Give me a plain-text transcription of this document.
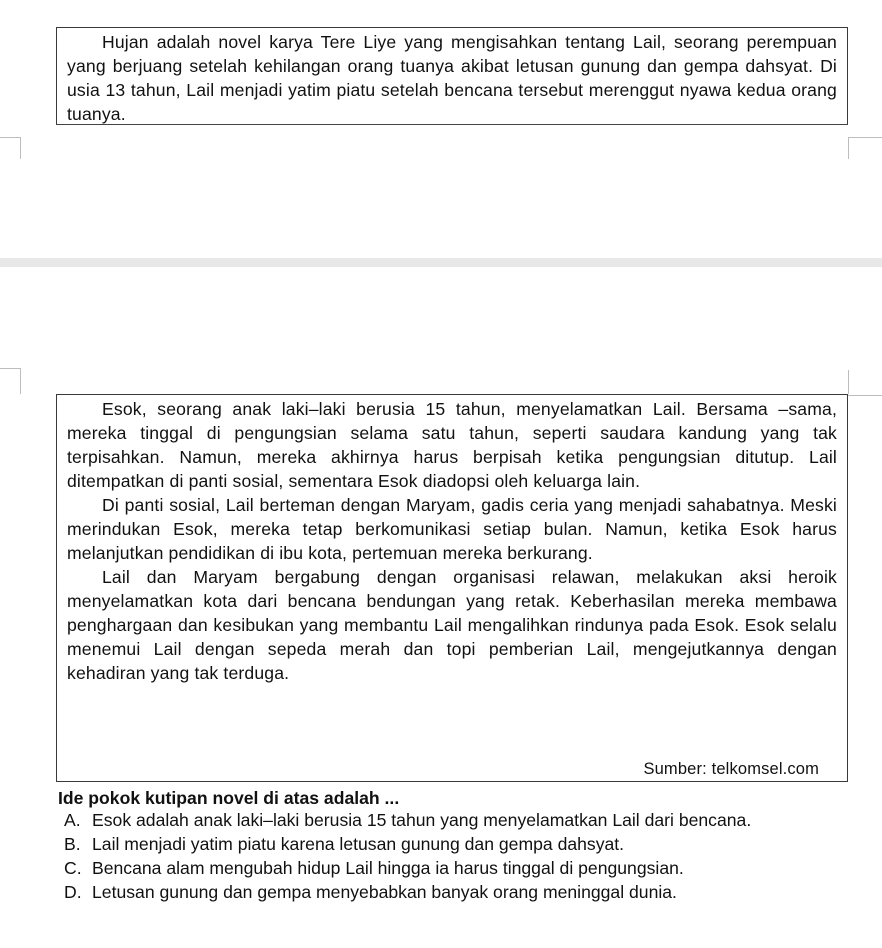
Hujan adalah novel karya Tere Liye yang mengisahkan tentang Lail, seorang perempuan yang berjuang setelah kehilangan orang tuanya akibat letusan gunung dan gempa dahsyat. Di usia 13 tahun, Lail menjadi yatim piatu setelah bencana tersebut merenggut nyawa kedua orang tuanya.

Esok, seorang anak laki–laki berusia 15 tahun, menyelamatkan Lail. Bersama –sama, mereka tinggal di pengungsian selama satu tahun, seperti saudara kandung yang tak terpisahkan. Namun, mereka akhirnya harus berpisah ketika pengungsian ditutup. Lail ditempatkan di panti sosial, sementara Esok diadopsi oleh keluarga lain.

Di panti sosial, Lail berteman dengan Maryam, gadis ceria yang menjadi sahabatnya. Meski merindukan Esok, mereka tetap berkomunikasi setiap bulan. Namun, ketika Esok harus melanjutkan pendidikan di ibu kota, pertemuan mereka berkurang.

Lail dan Maryam bergabung dengan organisasi relawan, melakukan aksi heroik menyelamatkan kota dari bencana bendungan yang retak. Keberhasilan mereka membawa penghargaan dan kesibukan yang membantu Lail mengalihkan rindunya pada Esok. Esok selalu menemui Lail dengan sepeda merah dan topi pemberian Lail, mengejutkannya dengan kehadiran yang tak terduga.

Sumber: telkomsel.com
Ide pokok kutipan novel di atas adalah ...
A. Esok adalah anak laki–laki berusia 15 tahun yang menyelamatkan Lail dari bencana.
B. Lail menjadi yatim piatu karena letusan gunung dan gempa dahsyat.
C. Bencana alam mengubah hidup Lail hingga ia harus tinggal di pengungsian.
D. Letusan gunung dan gempa menyebabkan banyak orang meninggal dunia.
